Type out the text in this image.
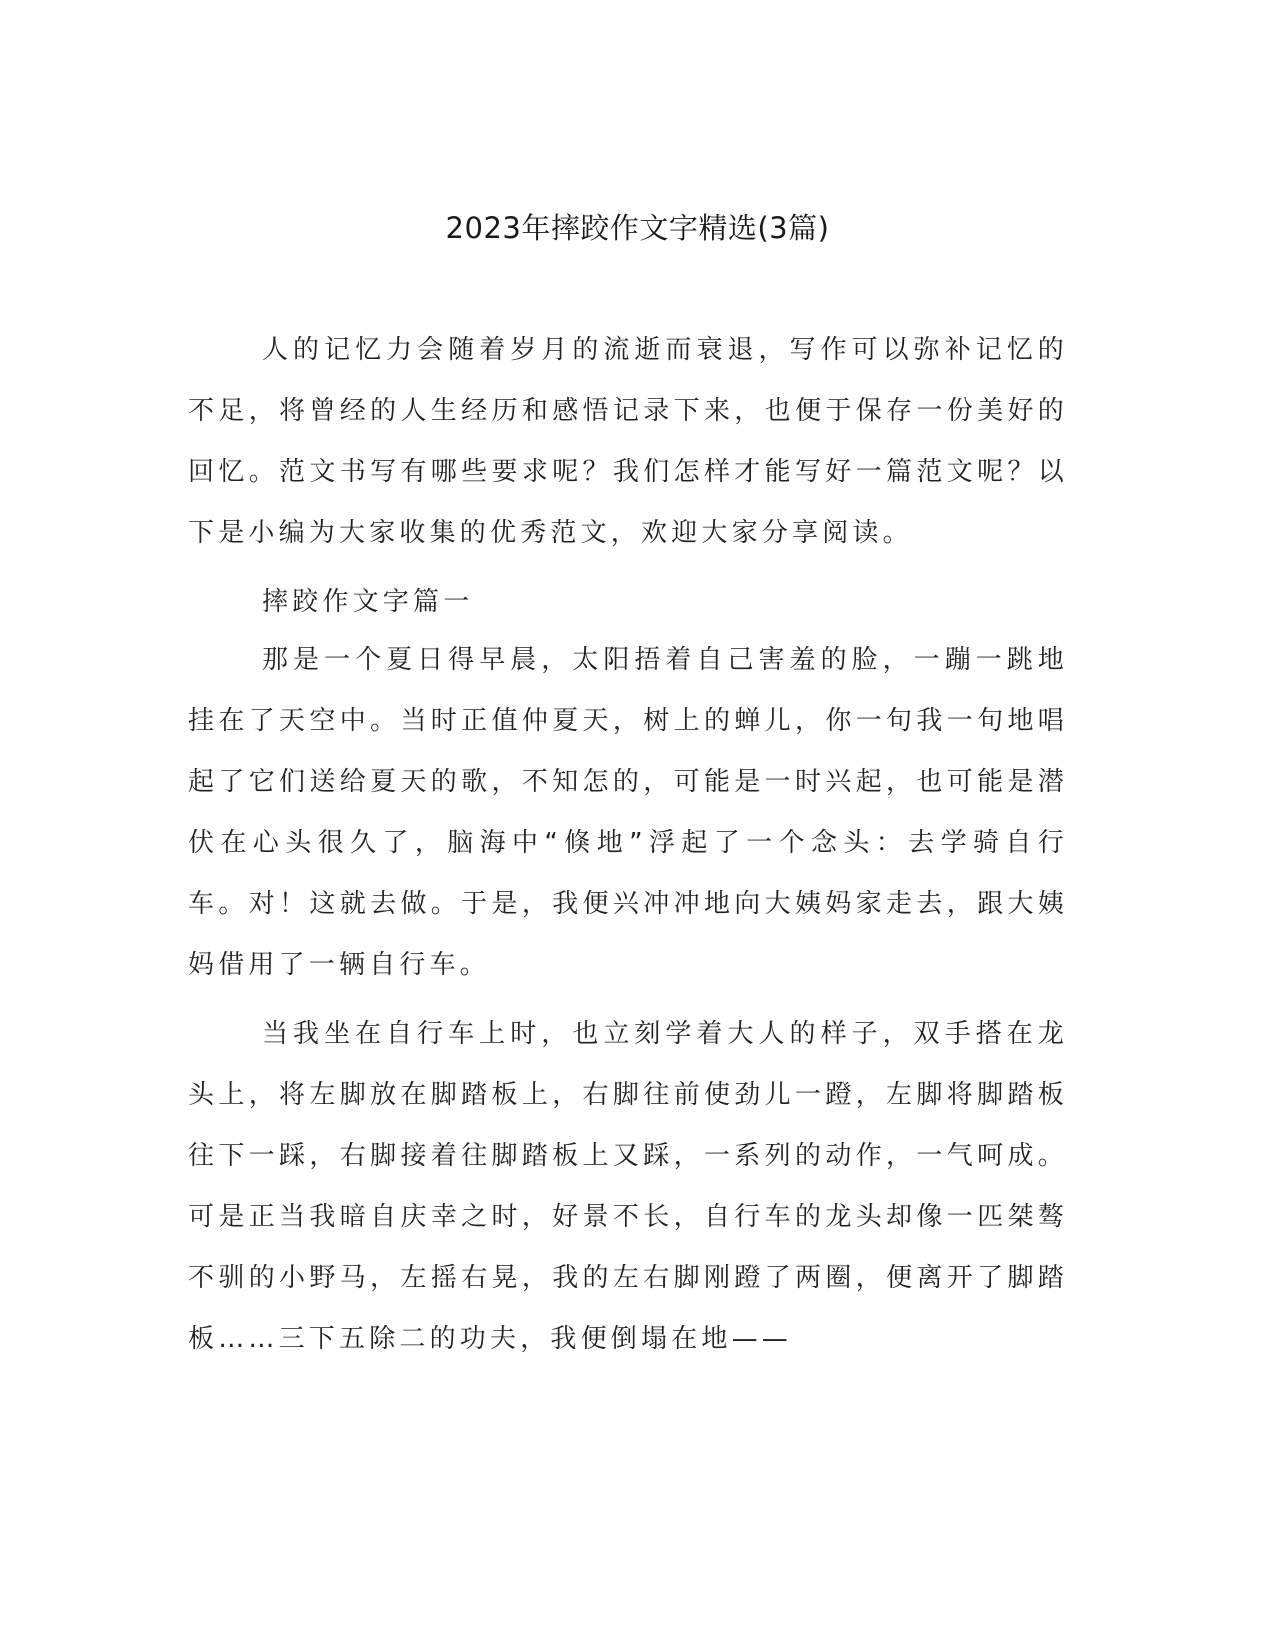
2023年摔跤作文字精选(3篇)

人的记忆力会随着岁月的流逝而衰退，写作可以弥补记忆的不足，将曾经的人生经历和感悟记录下来，也便于保存一份美好的回忆。范文书写有哪些要求呢？我们怎样才能写好一篇范文呢？以下是小编为大家收集的优秀范文，欢迎大家分享阅读。

摔跤作文字篇一

那是一个夏日得早晨，太阳捂着自己害羞的脸，一蹦一跳地挂在了天空中。当时正值仲夏天，树上的蝉儿，你一句我一句地唱起了它们送给夏天的歌，不知怎的，可能是一时兴起，也可能是潜伏在心头很久了，脑海中“倏地”浮起了一个念头：去学骑自行车。对！这就去做。于是，我便兴冲冲地向大姨妈家走去，跟大姨妈借用了一辆自行车。

当我坐在自行车上时，也立刻学着大人的样子，双手搭在龙头上，将左脚放在脚踏板上，右脚往前使劲儿一蹬，左脚将脚踏板往下一踩，右脚接着往脚踏板上又踩，一系列的动作，一气呵成。可是正当我暗自庆幸之时，好景不长，自行车的龙头却像一匹桀骜不驯的小野马，左摇右晃，我的左右脚刚蹬了两圈，便离开了脚踏板……三下五除二的功夫，我便倒塌在地——
